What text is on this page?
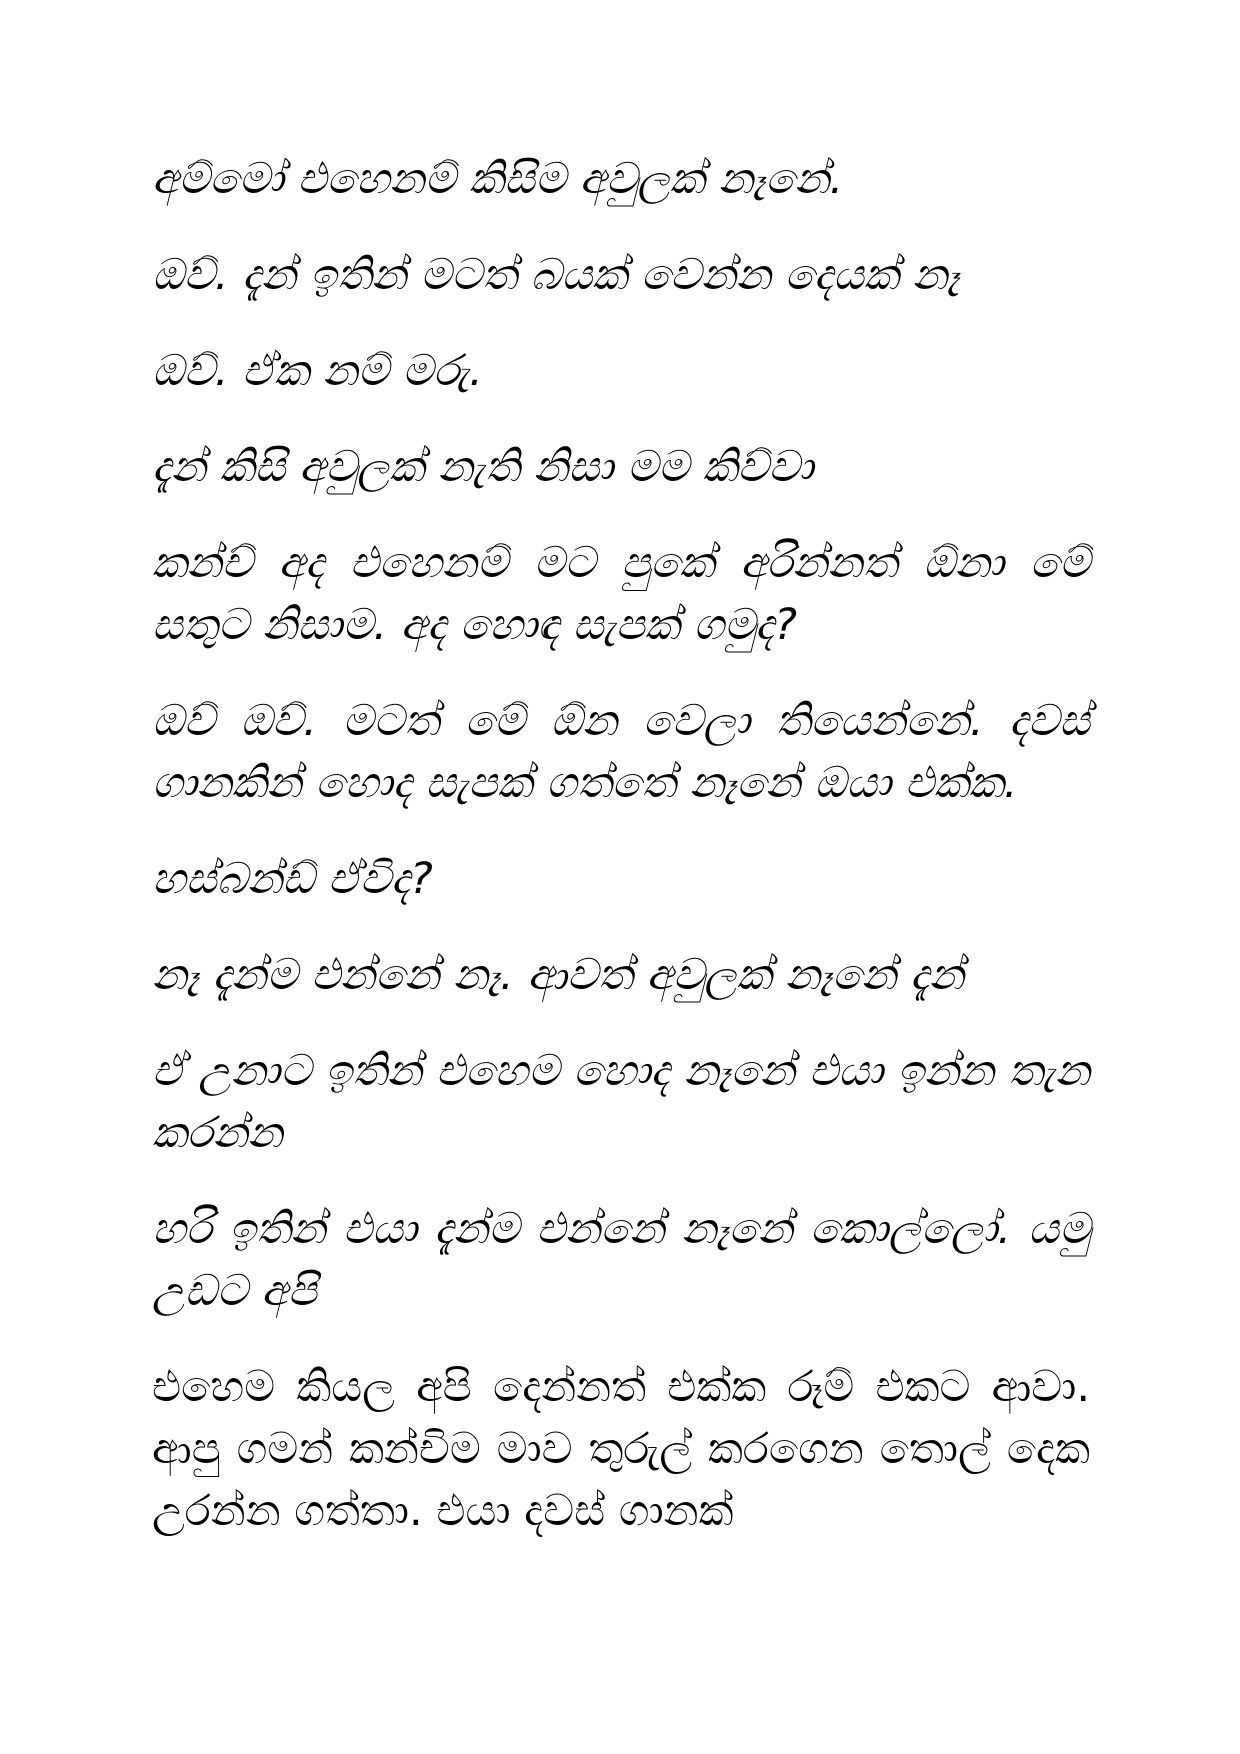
අම්මෝ එහෙනම් කිසිම අවුලක් නෑනේ.

ඔව්. දැන් ඉතින් මටත් බයක් වෙන්න දෙයක් නෑ

ඔව්. ඒක නම් මරු.

දැන් කිසි අවුලක් නැති නිසා මම කිව්වා

කන්ච් අද එහෙනම් මට පුකේ අරින්නත් ඕනා මේ සතුට නිසාම. අද හොඳ සැපක් ගමුද?

ඔව් ඔව්. මටත් මේ ඕන වෙලා තියෙන්නේ. දවස් ගානකින් හොද සැපක් ගත්තේ නෑනේ ඔයා එක්ක.

හස්බන්ඩ් ඒවිද?

නෑ දැන්ම එන්නේ නෑ. ආවත් අවුලක් නෑනේ දැන්

ඒ උනාට ඉතින් එහෙම හොද නෑනේ එයා ඉන්න තැන කරන්න

හරි ඉතින් එයා දැන්ම එන්නේ නෑනේ කොල්ලෝ. යමු උඩට අපි

එහෙම කියල අපි දෙන්නත් එක්ක රූම් එකට ආවා. ආපු ගමන් කන්චිම මාව තුරුල් කරගෙන තොල් දෙක උරන්න ගත්තා. එයා දවස් ගානක්
